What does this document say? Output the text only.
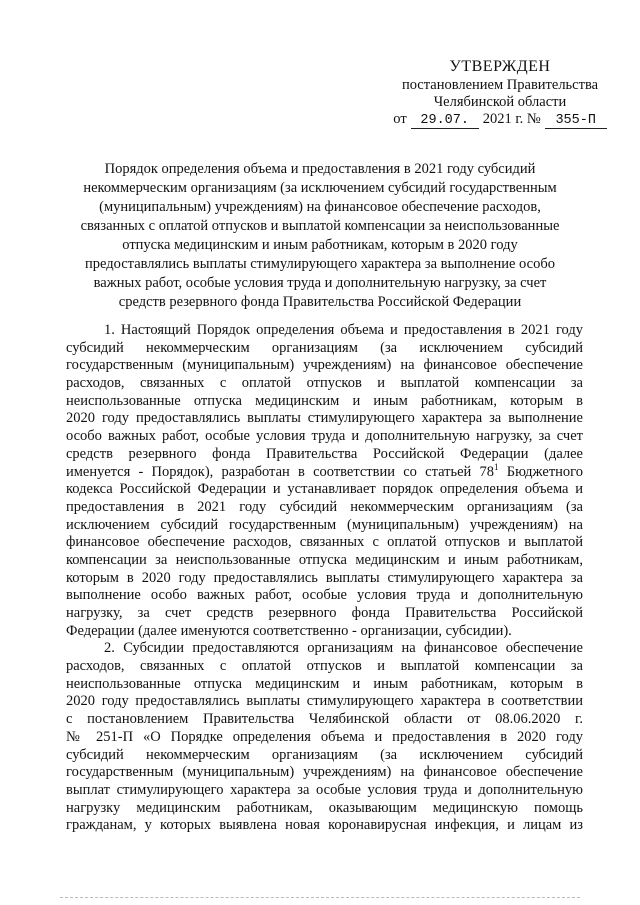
УТВЕРЖДЕН
постановлением Правительства
Челябинской области
от	29.07. 2021 г. №	355-П
Порядок определения объема и предоставления в 2021 году субсидий
некоммерческим организациям (за исключением субсидий государственным
(муниципальным) учреждениям) на финансовое обеспечение расходов,
связанных с оплатой отпусков и выплатой компенсации за неиспользованные
отпуска медицинским и иным работникам, которым в 2020 году
предоставлялись выплаты стимулирующего характера за выполнение особо
важных работ, особые условия труда и дополнительную нагрузку, за счет
средств резервного фонда Правительства Российской Федерации
1. Настоящий Порядок определения объема и предоставления в 2021 году
субсидий некоммерческим организациям (за исключением субсидий
государственным (муниципальным) учреждениям) на финансовое обеспечение
расходов, связанных с оплатой отпусков и выплатой компенсации за
неиспользованные отпуска медицинским и иным работникам, которым в
2020 году предоставлялись выплаты стимулирующего характера за выполнение
особо важных работ, особые условия труда и дополнительную нагрузку, за счет
средств резервного фонда Правительства Российской Федерации (далее
именуется - Порядок), разработан в соответствии со статьей $78^1$ Бюджетного
кодекса Российской Федерации и устанавливает порядок определения объема и
предоставления в 2021 году субсидий некоммерческим организациям (за
исключением субсидий государственным (муниципальным) учреждениям) на
финансовое обеспечение расходов, связанных с оплатой отпусков и выплатой
компенсации за неиспользованные отпуска медицинским и иным работникам,
которым в 2020 году предоставлялись выплаты стимулирующего характера за
выполнение особо важных работ, особые условия труда и дополнительную
нагрузку, за счет средств резервного фонда Правительства Российской
Федерации (далее именуются соответственно - организации, субсидии).
2. Субсидии предоставляются организациям на финансовое обеспечение
расходов, связанных с оплатой отпусков и выплатой компенсации за
неиспользованные отпуска медицинским и иным работникам, которым в
2020 году предоставлялись выплаты стимулирующего характера в соответствии
с постановлением Правительства Челябинской области от 08.06.2020 г.
№ 251-П «О Порядке определения объема и предоставления в 2020 году
субсидий некоммерческим организациям (за исключением субсидий
государственным (муниципальным) учреждениям) на финансовое обеспечение
выплат стимулирующего характера за особые условия труда и дополнительную
нагрузку медицинским работникам, оказывающим медицинскую помощь
гражданам, у которых выявлена новая коронавирусная инфекция, и лицам из
